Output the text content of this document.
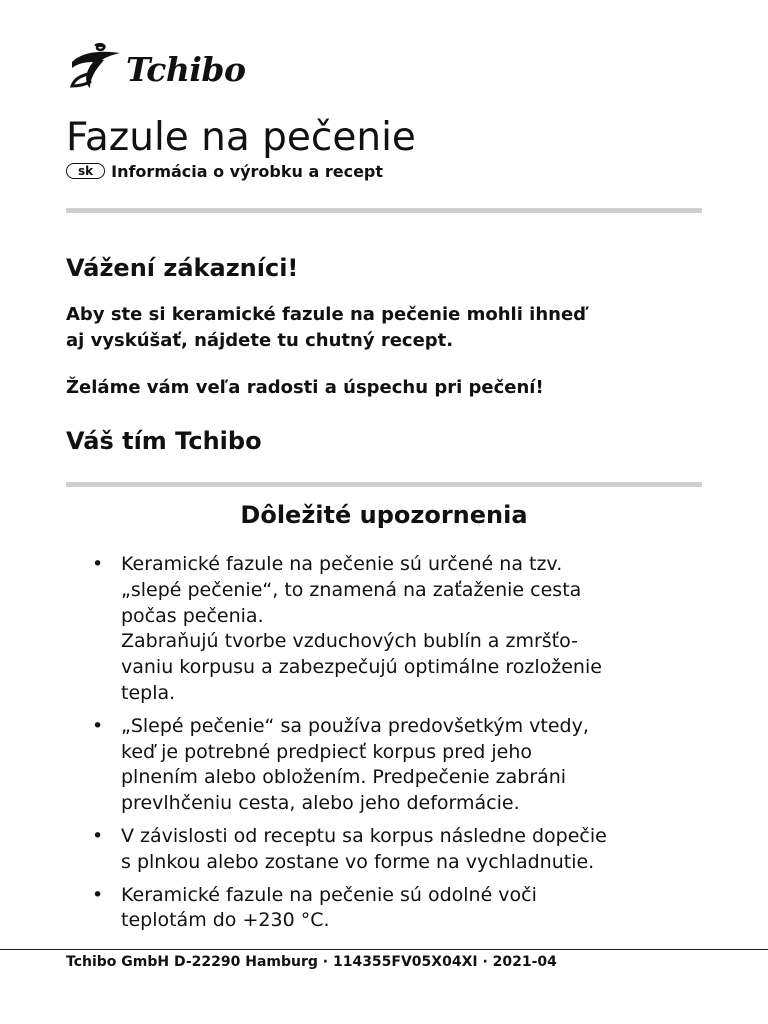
Tchibo
Fazule na pečenie
sk	Informácia o výrobku a recept
Vážení zákazníci!

Aby ste si keramické fazule na pečenie mohli ihneď
aj vyskúšať, nájdete tu chutný recept.

Želáme vám veľa radosti a úspechu pri pečení!

Váš tím Tchibo
Dôležité upozornenia
• Keramické fazule na pečenie sú určené na tzv.
„slepé pečenie“, to znamená na zaťaženie cesta
počas pečenia.
Zabraňujú tvorbe vzduchových bublín a zmršťo-
vaniu korpusu a zabezpečujú optimálne rozloženie
tepla.
• „Slepé pečenie“ sa používa predovšetkým vtedy,
keď je potrebné predpiecť korpus pred jeho
plnením alebo obložením. Predpečenie zabráni
prevlhčeniu cesta, alebo jeho deformácie.
• V závislosti od receptu sa korpus následne dopečie
s plnkou alebo zostane vo forme na vychladnutie.
• Keramické fazule na pečenie sú odolné voči
teplotám do +230 °C.
Tchibo GmbH D-22290 Hamburg · 114355FV05X04XI · 2021-04
